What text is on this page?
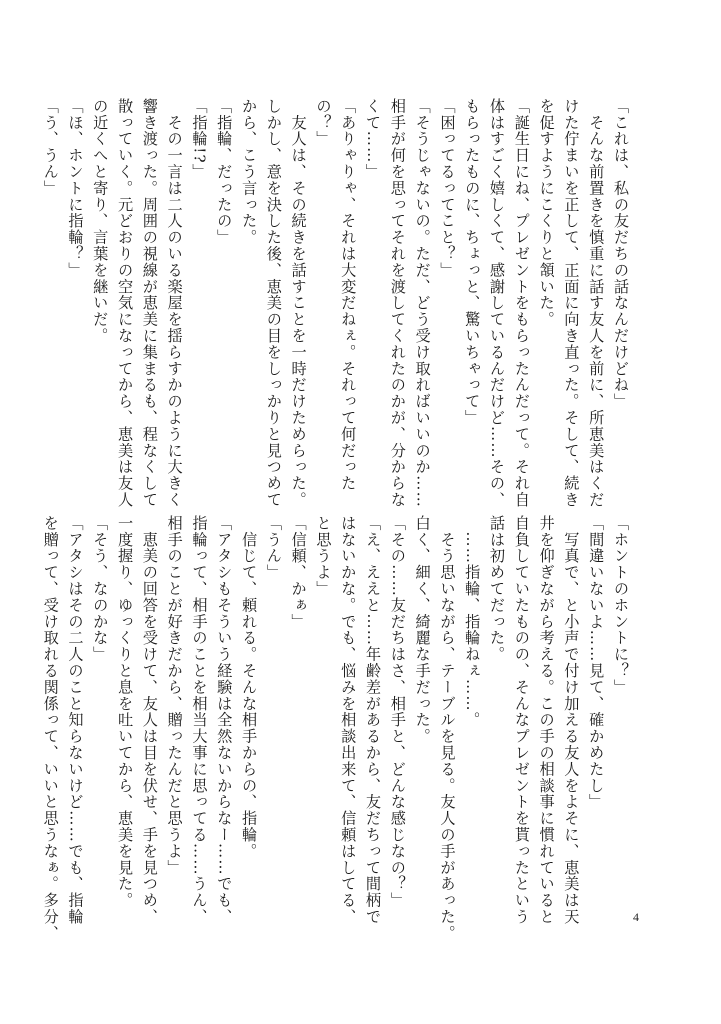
「これは、私の友だちの話なんだけどね」
　そんな前置きを慎重に話す友人を前に、所恵美はくだ
けた佇まいを正して、正面に向き直った。そして、続き
を促すようにこくりと頷いた。
「誕生日にね、プレゼントをもらったんだって。それ自
体はすごく嬉しくて、感謝しているんだけど……その、
もらったものに、ちょっと、驚いちゃって」
「困ってるってこと？」
「そうじゃないの。ただ、どう受け取ればいいのか……
相手が何を思ってそれを渡してくれたのかが、分からな
くて……」
「ありゃりゃ、それは大変だねぇ。それって何だった
の？」
　友人は、その続きを話すことを一時だけためらった。
しかし、意を決した後、恵美の目をしっかりと見つめて
から、こう言った。
「指輪、だったの」
「指輪!?」
　その一言は二人のいる楽屋を揺らすかのように大きく
響き渡った。周囲の視線が恵美に集まるも、程なくして
散っていく。元どおりの空気になってから、恵美は友人
の近くへと寄り、言葉を継いだ。
「ほ、ホントに指輪？」
「う、うん」
「ホントのホントに？」
「間違いないよ……見て、確かめたし」
　写真で、と小声で付け加える友人をよそに、恵美は天
井を仰ぎながら考える。この手の相談事に慣れていると
自負していたものの、そんなプレゼントを貰ったという
話は初めてだった。
　……指輪、指輪ねぇ……。
　そう思いながら、テーブルを見る。友人の手があった。
白く、細く、綺麗な手だった。
「その……友だちはさ、相手と、どんな感じなの？」
「え、ええと……年齢差があるから、友だちって間柄で
はないかな。でも、悩みを相談出来て、信頼はしてる、
と思うよ」
「信頼、かぁ」
「うん」
　信じて、頼れる。そんな相手からの、指輪。
「アタシもそういう経験は全然ないからなー……でも、
指輪って、相手のことを相当大事に思ってる……うん、
相手のことが好きだから、贈ったんだと思うよ」
　恵美の回答を受けて、友人は目を伏せ、手を見つめ、
一度握り、ゆっくりと息を吐いてから、恵美を見た。
「そう、なのかな」
「アタシはその二人のこと知らないけど……でも、指輪
を贈って、受け取れる関係って、いいと思うなぁ。多分、	4
